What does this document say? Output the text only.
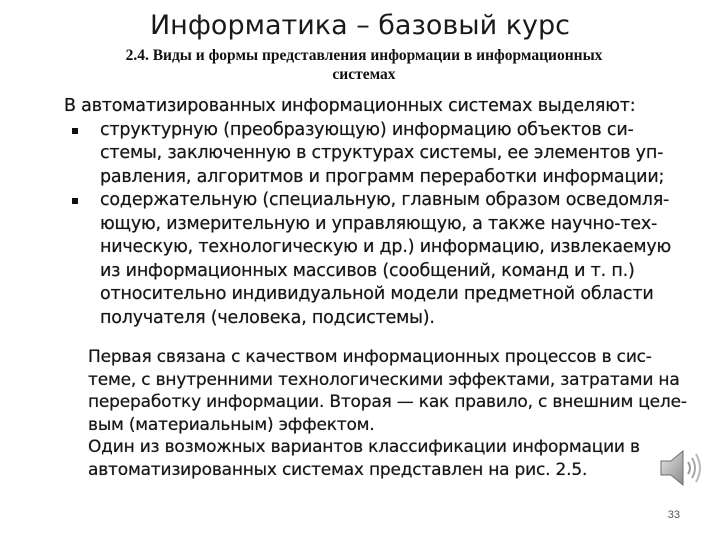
Информатика – базовый курс
2.4. Виды и формы представления информации в информационных
системах
В автоматизированных информационных системах выделяют:
структурную (преобразующую) информацию объектов си-
стемы, заключенную в структурах системы, ее элементов уп-
равления, алгоритмов и программ переработки информации;
содержательную (специальную, главным образом осведомля-
ющую, измерительную и управляющую, а также научно-тех-
ническую, технологическую и др.) информацию, извлекаемую
из информационных массивов (сообщений, команд и т. п.)
относительно индивидуальной модели предметной области
получателя (человека, подсистемы).
Первая связана с качеством информационных процессов в сис-
теме, с внутренними технологическими эффектами, затратами на
переработку информации. Вторая — как правило, с внешним целе-
вым (материальным) эффектом.
Один из возможных вариантов классификации информации в
автоматизированных системах представлен на рис. 2.5.
33
